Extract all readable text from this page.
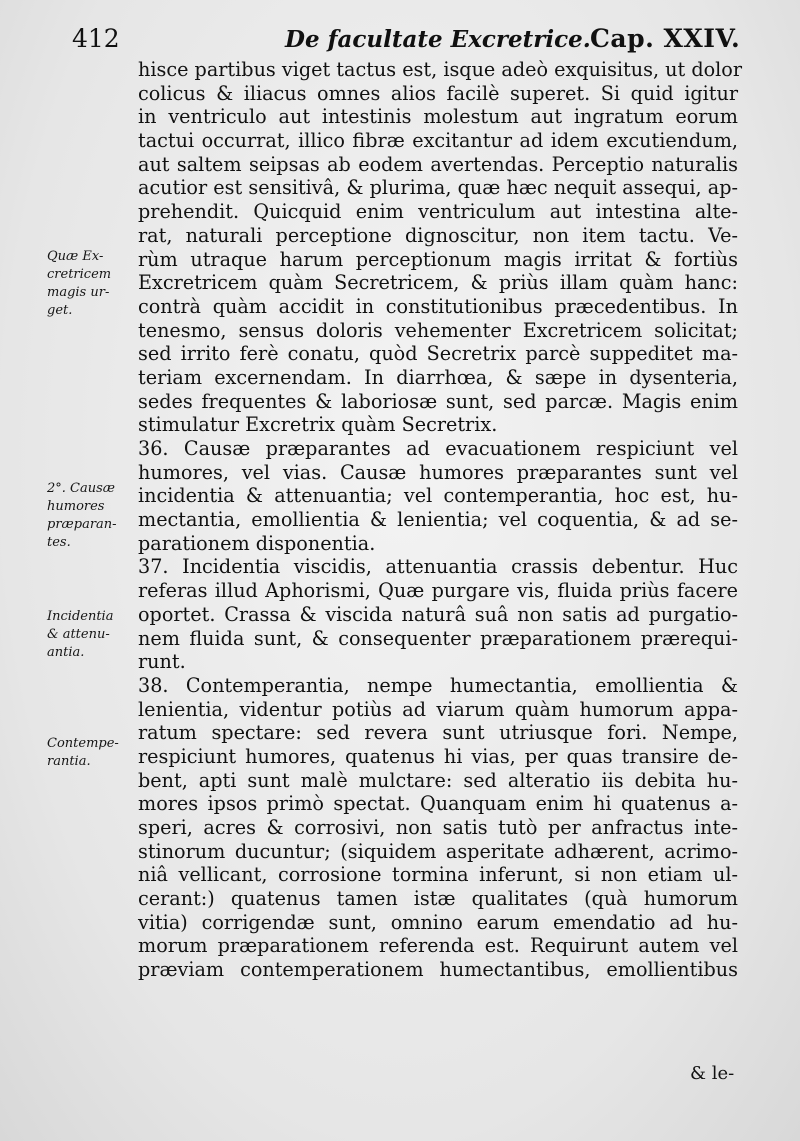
412	De facultate Excretrice. Cap. XXIV.
hisce partibus viget tactus est, isque adeò exquisitus, ut dolor
colicus & iliacus omnes alios facilè superet. Si quid igitur
in ventriculo aut intestinis molestum aut ingratum eorum
tactui occurrat, illico fibræ excitantur ad idem excutiendum,
aut saltem seipsas ab eodem avertendas. Perceptio naturalis
acutior est sensitivâ, & plurima, quæ hæc nequit assequi, ap-
prehendit. Quicquid enim ventriculum aut intestina alte-
rat, naturali perceptione dignoscitur, non item tactu. Ve-
rùm utraque harum perceptionum magis irritat & fortiùs
Excretricem quàm Secretricem, & priùs illam quàm hanc:
contrà quàm accidit in constitutionibus præcedentibus. In
tenesmo, sensus doloris vehementer Excretricem solicitat;
sed irrito ferè conatu, quòd Secretrix parcè suppeditet ma-
teriam excernendam. In diarrhœa, & sæpe in dysenteria,
sedes frequentes & laboriosæ sunt, sed parcæ. Magis enim
stimulatur Excretrix quàm Secretrix.
36. Causæ præparantes ad evacuationem respiciunt vel
humores, vel vias. Causæ humores præparantes sunt vel
incidentia & attenuantia; vel contemperantia, hoc est, hu-
mectantia, emollientia & lenientia; vel coquentia, & ad se-
parationem disponentia.
37. Incidentia viscidis, attenuantia crassis debentur. Huc
referas illud Aphorismi, Quæ purgare vis, fluida priùs facere
oportet. Crassa & viscida naturâ suâ non satis ad purgatio-
nem fluida sunt, & consequenter præparationem prærequi-
runt.
38. Contemperantia, nempe humectantia, emollientia &
lenientia, videntur potiùs ad viarum quàm humorum appa-
ratum spectare: sed revera sunt utriusque fori. Nempe,
respiciunt humores, quatenus hi vias, per quas transire de-
bent, apti sunt malè mulctare: sed alteratio iis debita hu-
mores ipsos primò spectat. Quanquam enim hi quatenus a-
speri, acres & corrosivi, non satis tutò per anfractus inte-
stinorum ducuntur; (siquidem asperitate adhærent, acrimo-
niâ vellicant, corrosione tormina inferunt, si non etiam ul-
cerant:) quatenus tamen istæ qualitates (quà humorum
vitia) corrigendæ sunt, omnino earum emendatio ad hu-
morum præparationem referenda est. Requirunt autem vel
præviam contemperationem humectantibus, emollientibus
Quæ Ex-
cretricem
magis ur-
get.
2°. Causæ
humores
præparan-
tes.
Incidentia
& attenu-
antia.
Contempe-
rantia.
& le-
